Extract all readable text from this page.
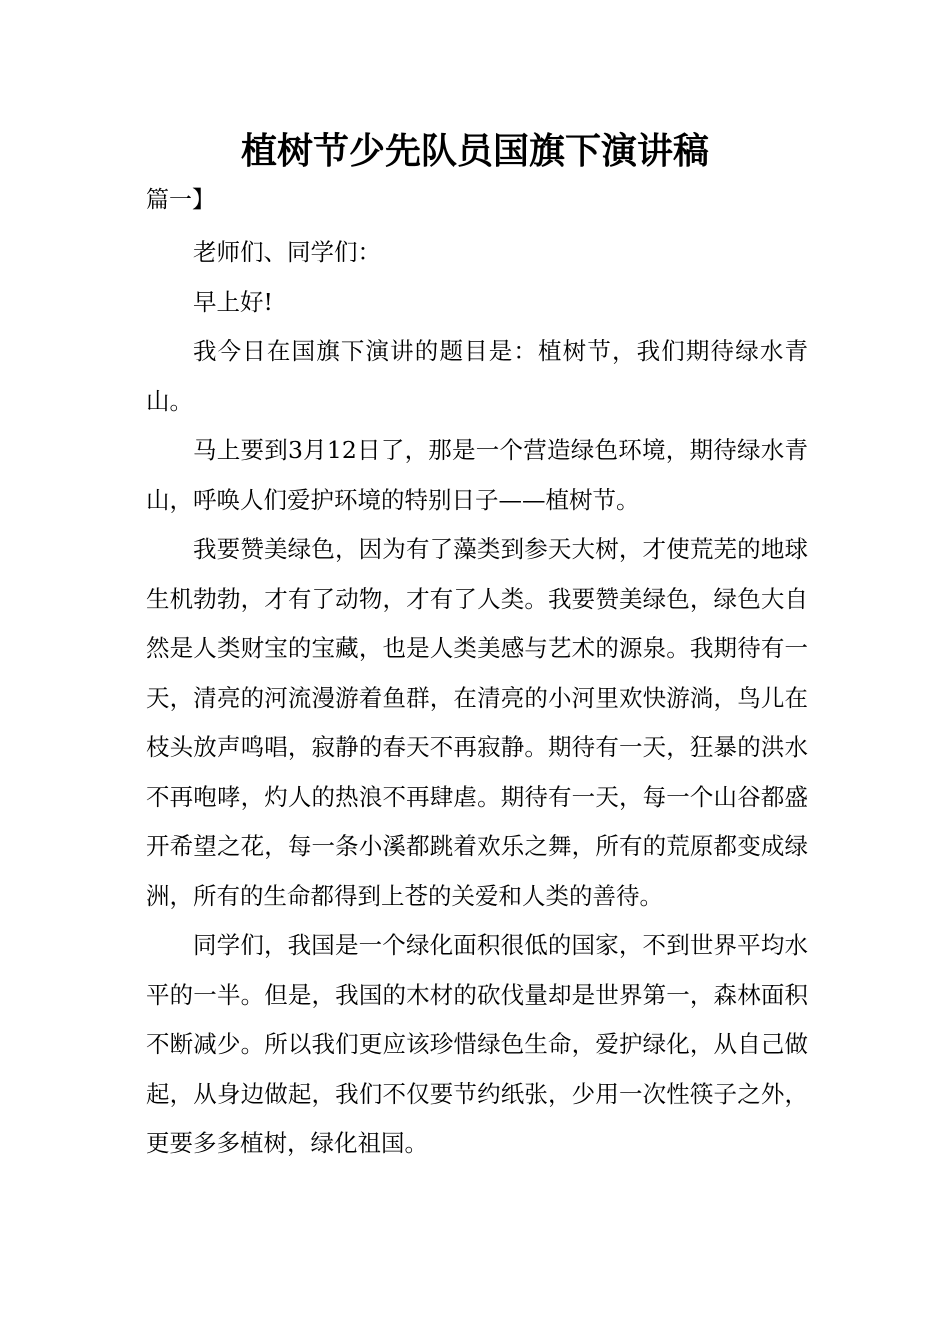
植树节少先队员国旗下演讲稿
篇一】

老师们、同学们：

早上好!

我今日在国旗下演讲的题目是：植树节，我们期待绿水青山。

马上要到3月12日了，那是一个营造绿色环境，期待绿水青山，呼唤人们爱护环境的特别日子——植树节。

我要赞美绿色，因为有了藻类到参天大树，才使荒芜的地球生机勃勃，才有了动物，才有了人类。我要赞美绿色，绿色大自然是人类财宝的宝藏，也是人类美感与艺术的源泉。我期待有一天，清亮的河流漫游着鱼群，在清亮的小河里欢快游淌，鸟儿在枝头放声鸣唱，寂静的春天不再寂静。期待有一天，狂暴的洪水不再咆哮，灼人的热浪不再肆虐。期待有一天，每一个山谷都盛开希望之花，每一条小溪都跳着欢乐之舞，所有的荒原都变成绿洲，所有的生命都得到上苍的关爱和人类的善待。

同学们，我国是一个绿化面积很低的国家，不到世界平均水平的一半。但是，我国的木材的砍伐量却是世界第一，森林面积不断减少。所以我们更应该珍惜绿色生命，爱护绿化，从自己做起，从身边做起，我们不仅要节约纸张，少用一次性筷子之外，更要多多植树，绿化祖国。
